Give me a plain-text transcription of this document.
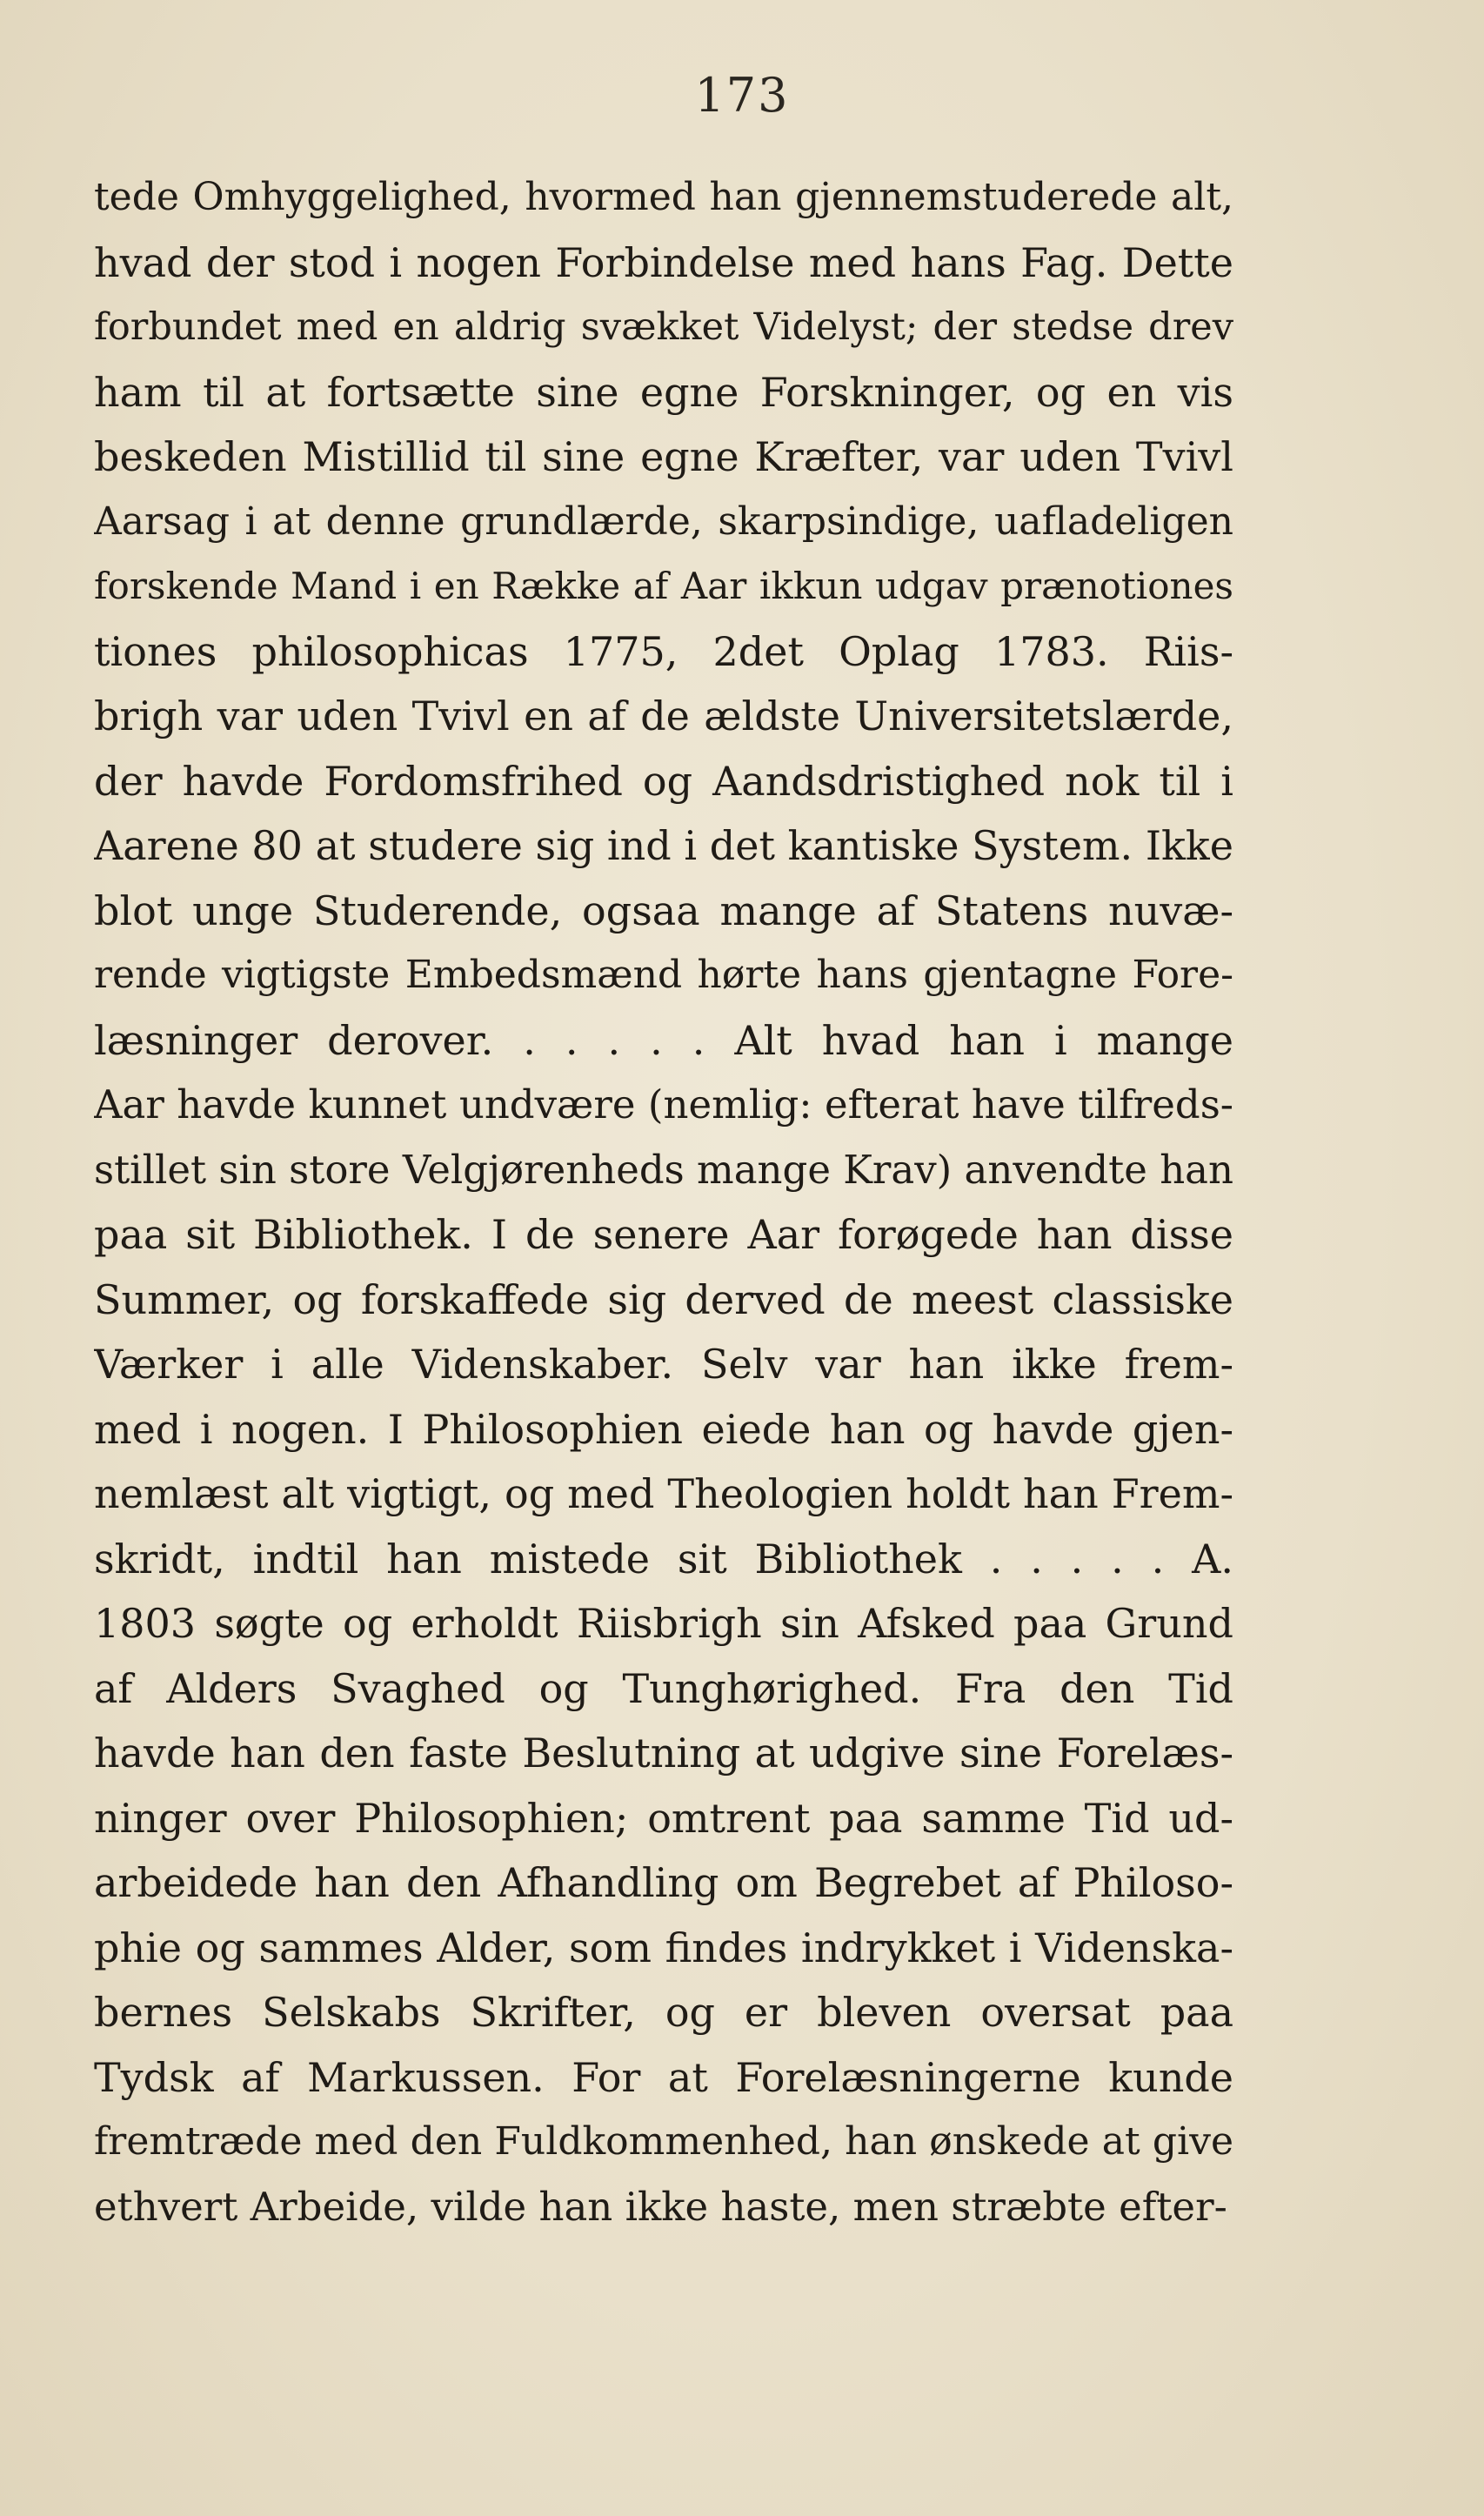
173
tede Omhyggelighed, hvormed han gjennemstuderede alt,
hvad der stod i nogen Forbindelse med hans Fag. Dette
forbundet med en aldrig svækket Videlyst; der stedse drev
ham til at fortsætte sine egne Forskninger, og en vis
beskeden Mistillid til sine egne Kræfter, var uden Tvivl
Aarsag i at denne grundlærde, skarpsindige, uafladeligen
forskende Mand i en Række af Aar ikkun udgav prænotiones
tiones philosophicas 1775, 2det Oplag 1783. Riis-
brigh var uden Tvivl en af de ældste Universitetslærde,
der havde Fordomsfrihed og Aandsdristighed nok til i
Aarene 80 at studere sig ind i det kantiske System. Ikke
blot unge Studerende, ogsaa mange af Statens nuvæ-
rende vigtigste Embedsmænd hørte hans gjentagne Fore-
læsninger derover. . . . . . Alt hvad han i mange
Aar havde kunnet undvære (nemlig: efterat have tilfreds-
stillet sin store Velgjørenheds mange Krav) anvendte han
paa sit Bibliothek. I de senere Aar forøgede han disse
Summer, og forskaffede sig derved de meest classiske
Værker i alle Videnskaber. Selv var han ikke frem-
med i nogen. I Philosophien eiede han og havde gjen-
nemlæst alt vigtigt, og med Theologien holdt han Frem-
skridt, indtil han mistede sit Bibliothek . . . . . A.
1803 søgte og erholdt Riisbrigh sin Afsked paa Grund
af Alders Svaghed og Tunghørighed. Fra den Tid
havde han den faste Beslutning at udgive sine Forelæs-
ninger over Philosophien; omtrent paa samme Tid ud-
arbeidede han den Afhandling om Begrebet af Philoso-
phie og sammes Alder, som findes indrykket i Videnska-
bernes Selskabs Skrifter, og er bleven oversat paa
Tydsk af Markussen. For at Forelæsningerne kunde
fremtræde med den Fuldkommenhed, han ønskede at give
ethvert Arbeide, vilde han ikke haste, men stræbte efter-
